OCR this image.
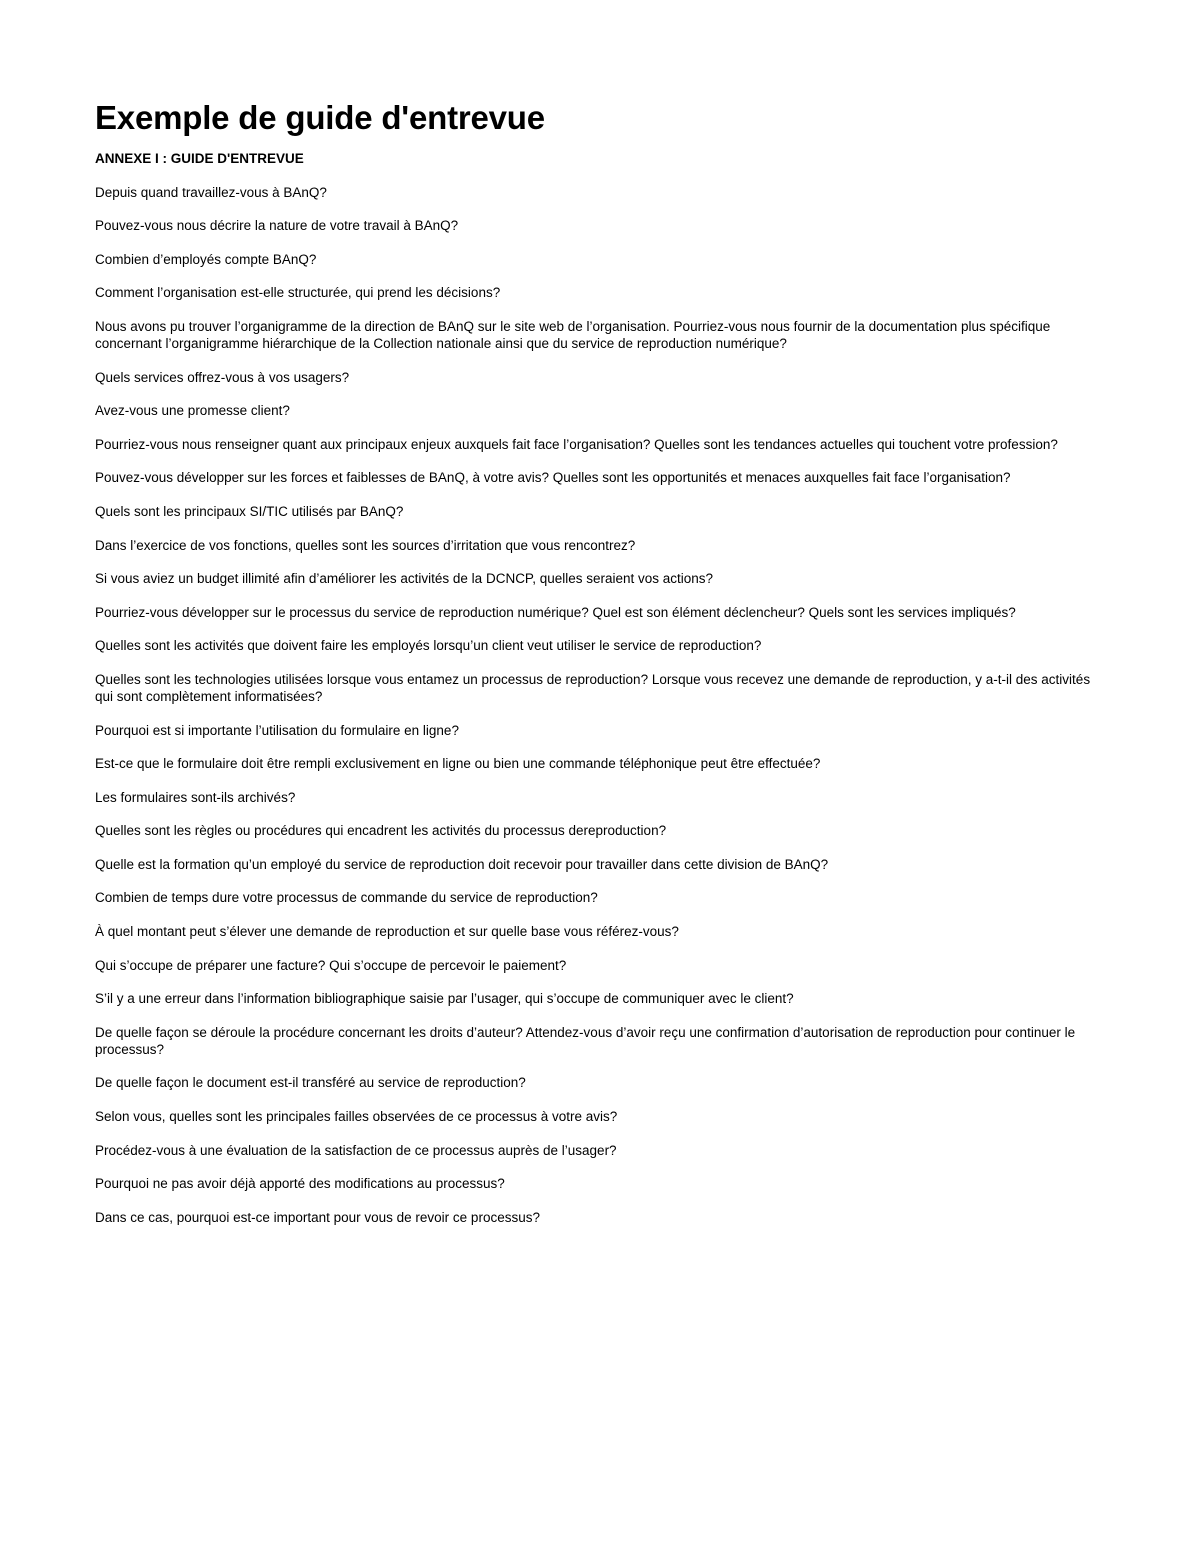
Exemple de guide d'entrevue
ANNEXE I : GUIDE D'ENTREVUE
Depuis quand travaillez-vous à BAnQ?
Pouvez-vous nous décrire la nature de votre travail à BAnQ?
Combien d’employés compte BAnQ?
Comment l’organisation est-elle structurée, qui prend les décisions?
Nous avons pu trouver l’organigramme de la direction de BAnQ sur le site web de l’organisation. Pourriez-vous nous fournir de la documentation plus spécifique concernant l’organigramme hiérarchique de la Collection nationale ainsi que du service de reproduction numérique?
Quels services offrez-vous à vos usagers?
Avez-vous une promesse client?
Pourriez-vous nous renseigner quant aux principaux enjeux auxquels fait face l’organisation? Quelles sont les tendances actuelles qui touchent votre profession?
Pouvez-vous développer sur les forces et faiblesses de BAnQ, à votre avis? Quelles sont les opportunités et menaces auxquelles fait face l’organisation?
Quels sont les principaux SI/TIC utilisés par BAnQ?
Dans l’exercice de vos fonctions, quelles sont les sources d’irritation que vous rencontrez?
Si vous aviez un budget illimité afin d’améliorer les activités de la DCNCP, quelles seraient vos actions?
Pourriez-vous développer sur le processus du service de reproduction numérique? Quel est son élément déclencheur? Quels sont les services impliqués?
Quelles sont les activités que doivent faire les employés lorsqu’un client veut utiliser le service de reproduction?
Quelles sont les technologies utilisées lorsque vous entamez un processus de reproduction? Lorsque vous recevez une demande de reproduction, y a-t-il des activités qui sont complètement informatisées?
Pourquoi est si importante l’utilisation du formulaire en ligne?
Est-ce que le formulaire doit être rempli exclusivement en ligne ou bien une commande téléphonique peut être effectuée?
Les formulaires sont-ils archivés?
Quelles sont les règles ou procédures qui encadrent les activités du processus dereproduction?
Quelle est la formation qu’un employé du service de reproduction doit recevoir pour travailler dans cette division de BAnQ?
Combien de temps dure votre processus de commande du service de reproduction?
À quel montant peut s’élever une demande de reproduction et sur quelle base vous référez-vous?
Qui s’occupe de préparer une facture? Qui s’occupe de percevoir le paiement?
S’il y a une erreur dans l’information bibliographique saisie par l’usager, qui s’occupe de communiquer avec le client?
De quelle façon se déroule la procédure concernant les droits d’auteur? Attendez-vous d’avoir reçu une confirmation d’autorisation de reproduction pour continuer le processus?
De quelle façon le document est-il transféré au service de reproduction?
Selon vous, quelles sont les principales failles observées de ce processus à votre avis?
Procédez-vous à une évaluation de la satisfaction de ce processus auprès de l’usager?
Pourquoi ne pas avoir déjà apporté des modifications au processus?
Dans ce cas, pourquoi est-ce important pour vous de revoir ce processus?
